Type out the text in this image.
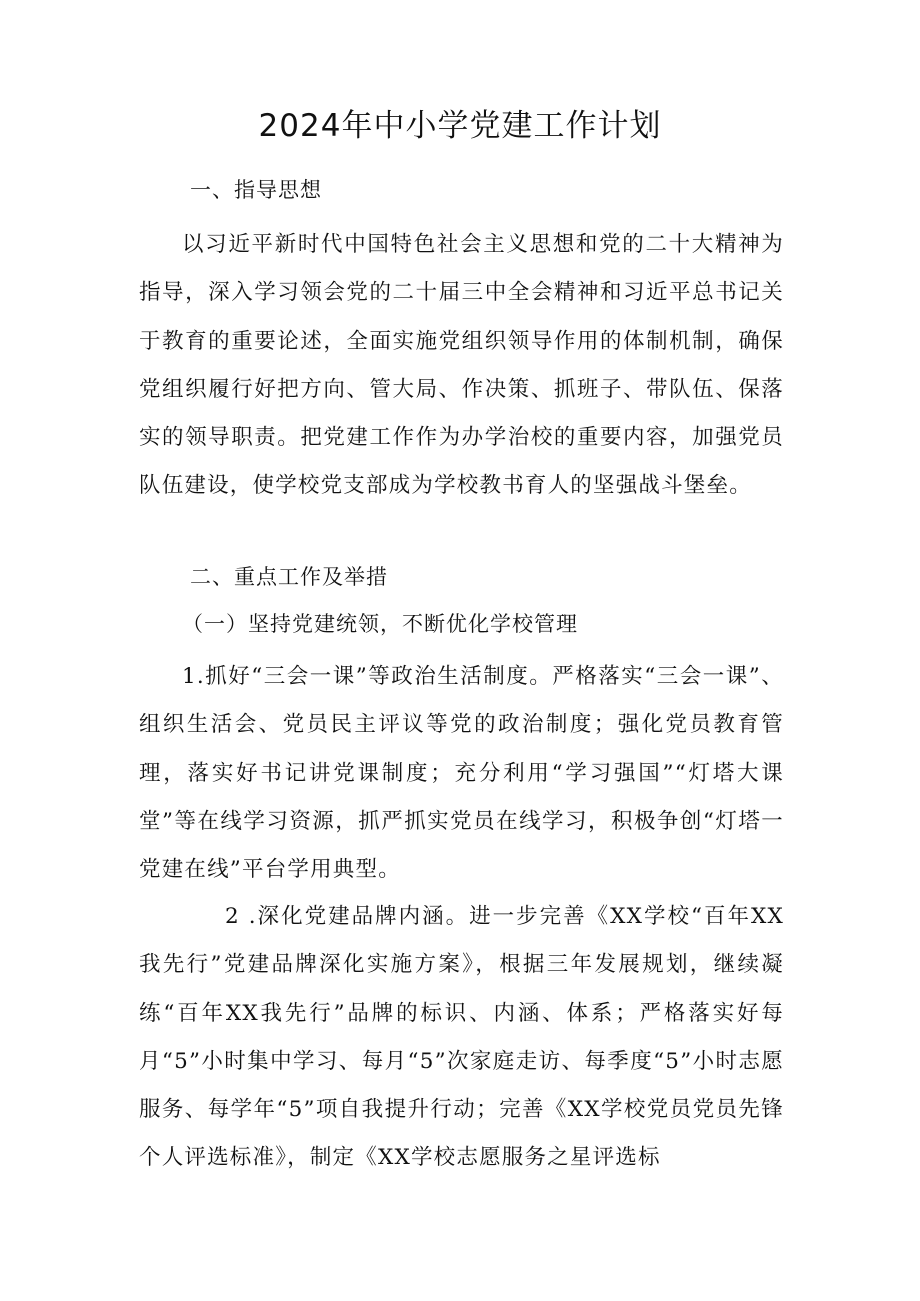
2024年中小学党建工作计划
一、指导思想

以习近平新时代中国特色社会主义思想和党的二十大精神为指导，深入学习领会党的二十届三中全会精神和习近平总书记关于教育的重要论述，全面实施党组织领导作用的体制机制，确保党组织履行好把方向、管大局、作决策、抓班子、带队伍、保落实的领导职责。把党建工作作为办学治校的重要内容，加强党员队伍建设，使学校党支部成为学校教书育人的坚强战斗堡垒。

二、重点工作及举措
（一）坚持党建统领，不断优化学校管理

1.抓好“三会一课”等政治生活制度。严格落实“三会一课”、组织生活会、党员民主评议等党的政治制度；强化党员教育管理，落实好书记讲党课制度；充分利用“学习强国”“灯塔大课堂”等在线学习资源，抓严抓实党员在线学习，积极争创“灯塔一党建在线”平台学用典型。

2 .深化党建品牌内涵。进一步完善《XX学校“百年XX我先行”党建品牌深化实施方案》，根据三年发展规划，继续凝练“百年XX我先行”品牌的标识、内涵、体系；严格落实好每月“5”小时集中学习、每月“5”次家庭走访、每季度“5”小时志愿服务、每学年“5”项自我提升行动；完善《XX学校党员党员先锋个人评选标准》，制定《XX学校志愿服务之星评选标
